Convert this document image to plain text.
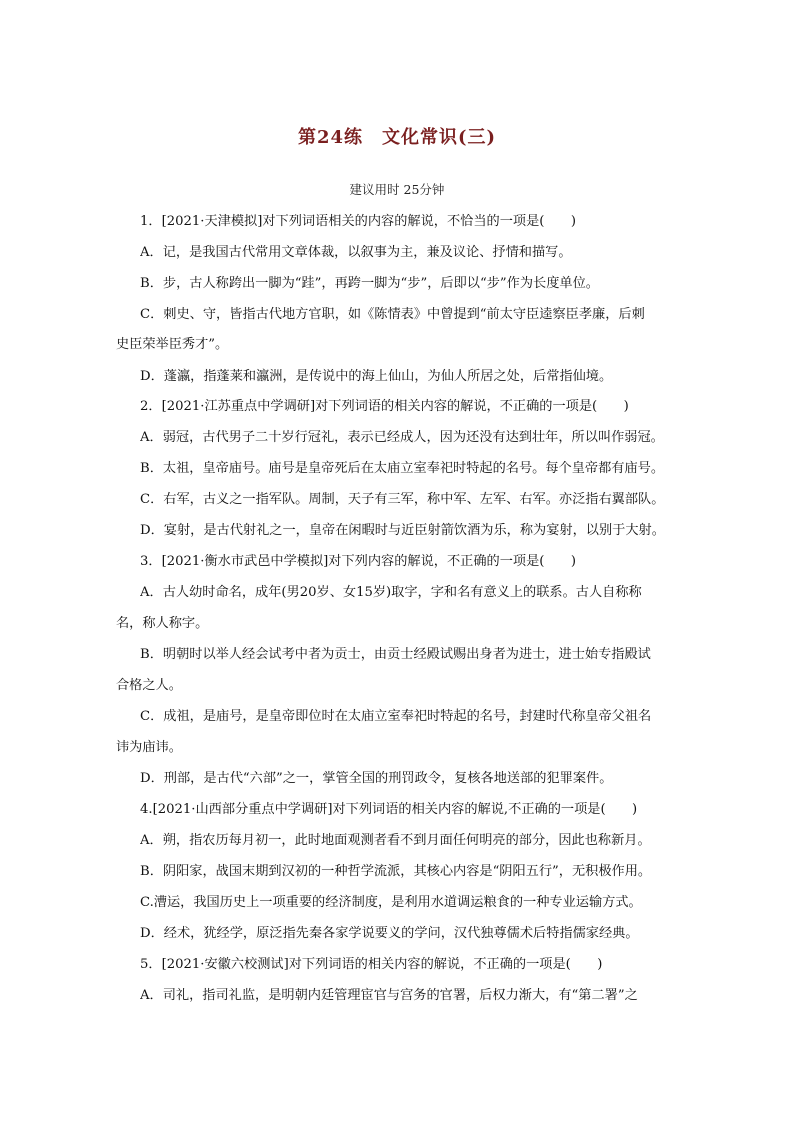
第24练　文化常识(三)
建议用时 25分钟
1．[2021·天津模拟]对下列词语相关的内容的解说，不恰当的一项是(　　)
A．记，是我国古代常用文章体裁，以叙事为主，兼及议论、抒情和描写。
B．步，古人称跨出一脚为“跬”，再跨一脚为“步”，后即以“步”作为长度单位。
C．刺史、守，皆指古代地方官职，如《陈情表》中曾提到“前太守臣逵察臣孝廉，后刺
史臣荣举臣秀才”。
D．蓬瀛，指蓬莱和瀛洲，是传说中的海上仙山，为仙人所居之处，后常指仙境。
2．[2021·江苏重点中学调研]对下列词语的相关内容的解说，不正确的一项是(　　)
A．弱冠，古代男子二十岁行冠礼，表示已经成人，因为还没有达到壮年，所以叫作弱冠。
B．太祖，皇帝庙号。庙号是皇帝死后在太庙立室奉祀时特起的名号。每个皇帝都有庙号。
C．右军，古义之一指军队。周制，天子有三军，称中军、左军、右军。亦泛指右翼部队。
D．宴射，是古代射礼之一，皇帝在闲暇时与近臣射箭饮酒为乐，称为宴射，以别于大射。
3．[2021·衡水市武邑中学模拟]对下列内容的解说，不正确的一项是(　　)
A．古人幼时命名，成年(男20岁、女15岁)取字，字和名有意义上的联系。古人自称称
名，称人称字。
B．明朝时以举人经会试考中者为贡士，由贡士经殿试赐出身者为进士，进士始专指殿试
合格之人。
C．成祖，是庙号，是皇帝即位时在太庙立室奉祀时特起的名号，封建时代称皇帝父祖名
讳为庙讳。
D．刑部，是古代“六部”之一，掌管全国的刑罚政令，复核各地送部的犯罪案件。
4.[2021·山西部分重点中学调研]对下列词语的相关内容的解说,不正确的一项是(　　)
A．朔，指农历每月初一，此时地面观测者看不到月面任何明亮的部分，因此也称新月。
B．阴阳家，战国末期到汉初的一种哲学流派，其核心内容是“阴阳五行”，无积极作用。
C.漕运，我国历史上一项重要的经济制度，是利用水道调运粮食的一种专业运输方式。
D．经术，犹经学，原泛指先秦各家学说要义的学问，汉代独尊儒术后特指儒家经典。
5．[2021·安徽六校测试]对下列词语的相关内容的解说，不正确的一项是(　　)
A．司礼，指司礼监，是明朝内廷管理宦官与宫务的官署，后权力渐大，有“第二署”之
